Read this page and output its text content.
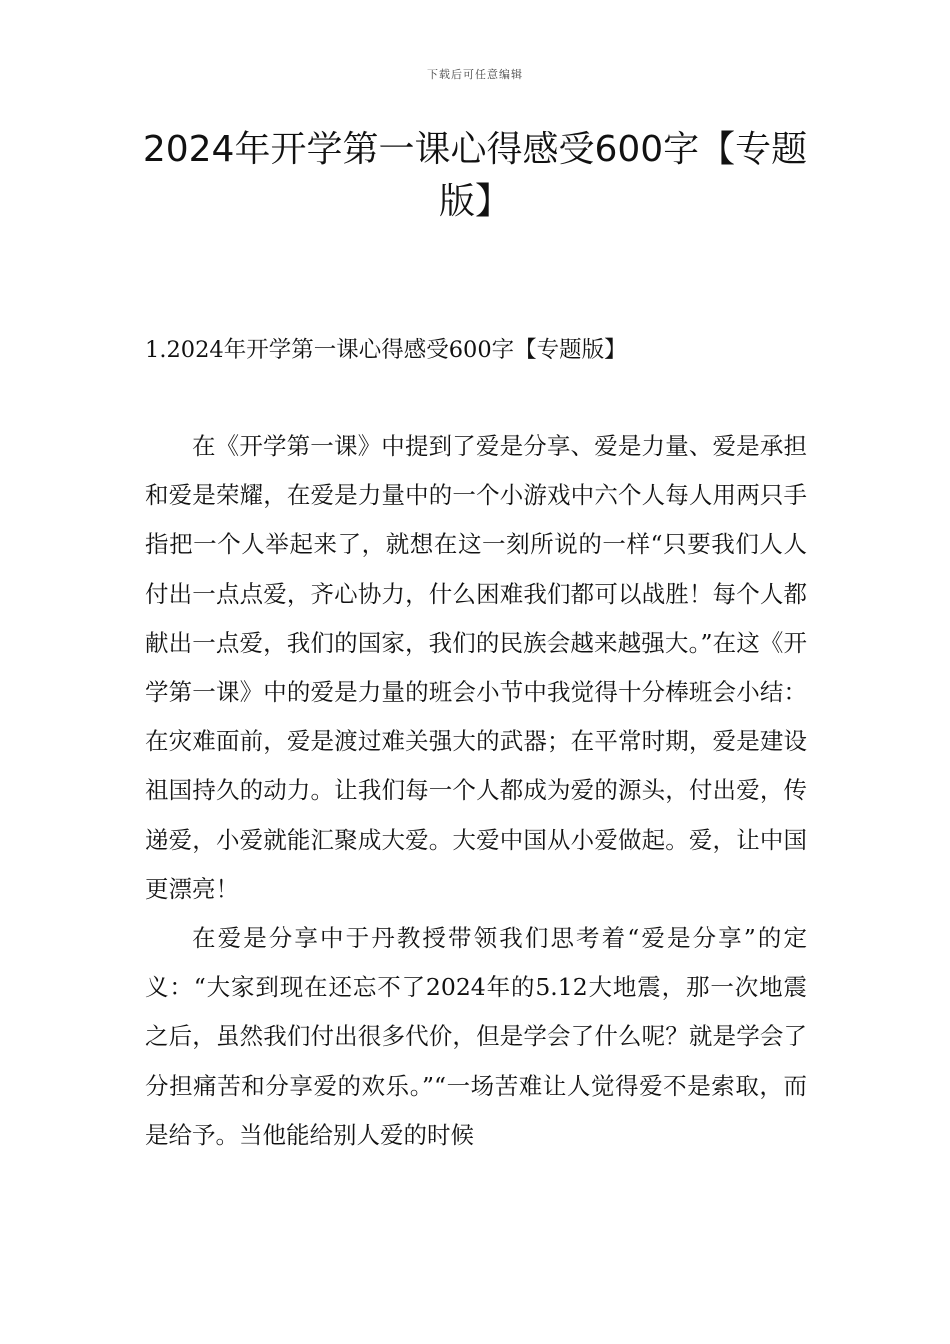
下载后可任意编辑
2024年开学第一课心得感受600字【专题版】
1.2024年开学第一课心得感受600字【专题版】

在《开学第一课》中提到了爱是分享、爱是力量、爱是承担和爱是荣耀，在爱是力量中的一个小游戏中六个人每人用两只手指把一个人举起来了，就想在这一刻所说的一样“只要我们人人付出一点点爱，齐心协力，什么困难我们都可以战胜！每个人都献出一点爱，我们的国家，我们的民族会越来越强大。”在这《开学第一课》中的爱是力量的班会小节中我觉得十分棒班会小结：在灾难面前，爱是渡过难关强大的武器；在平常时期，爱是建设祖国持久的动力。让我们每一个人都成为爱的源头，付出爱，传递爱，小爱就能汇聚成大爱。大爱中国从小爱做起。爱，让中国更漂亮！

在爱是分享中于丹教授带领我们思考着“爱是分享”的定义：“大家到现在还忘不了2024年的5.12大地震，那一次地震之后，虽然我们付出很多代价，但是学会了什么呢？就是学会了分担痛苦和分享爱的欢乐。”“一场苦难让人觉得爱不是索取，而是给予。当他能给别人爱的时候
